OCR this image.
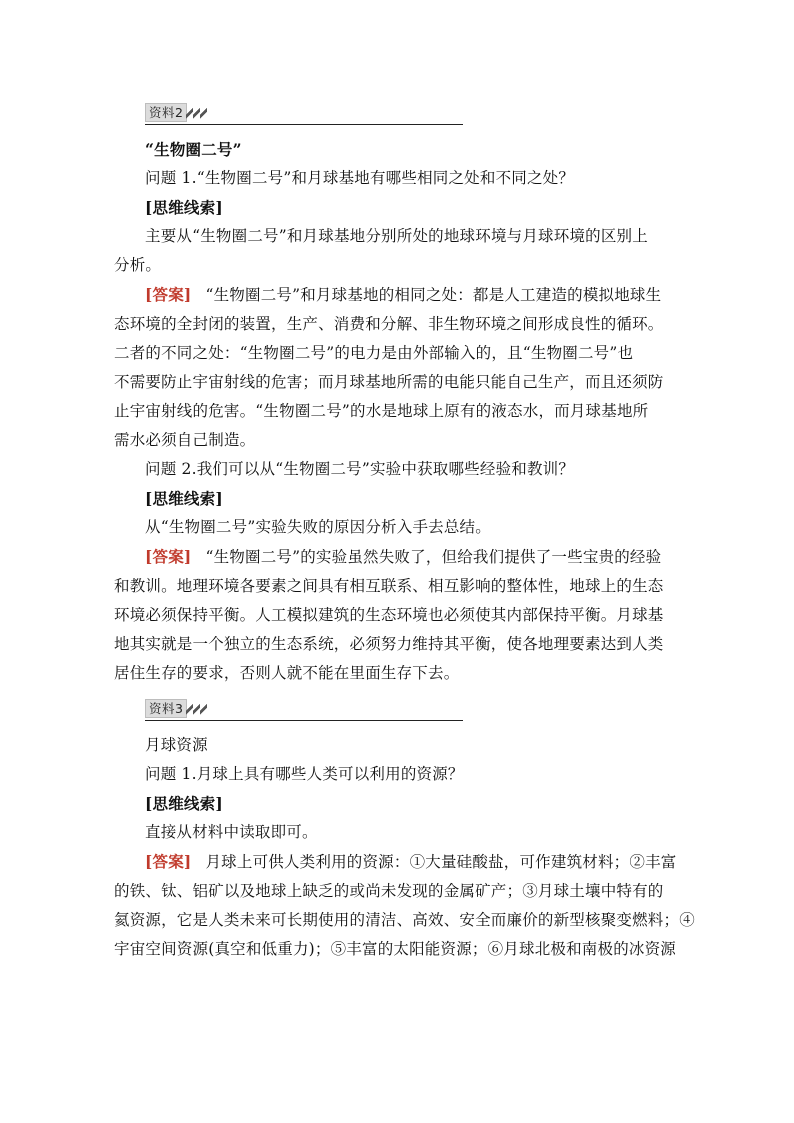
资料2
“生物圈二号”
问题 1.“生物圈二号”和月球基地有哪些相同之处和不同之处？
[思维线索]
主要从“生物圈二号”和月球基地分别所处的地球环境与月球环境的区别上
分析。
[答案] “生物圈二号”和月球基地的相同之处：都是人工建造的模拟地球生
态环境的全封闭的装置，生产、消费和分解、非生物环境之间形成良性的循环。
二者的不同之处：“生物圈二号”的电力是由外部输入的，且“生物圈二号”也
不需要防止宇宙射线的危害；而月球基地所需的电能只能自己生产，而且还须防
止宇宙射线的危害。“生物圈二号”的水是地球上原有的液态水，而月球基地所
需水必须自己制造。
问题 2.我们可以从“生物圈二号”实验中获取哪些经验和教训？
[思维线索]
从“生物圈二号”实验失败的原因分析入手去总结。
[答案] “生物圈二号”的实验虽然失败了，但给我们提供了一些宝贵的经验
和教训。地理环境各要素之间具有相互联系、相互影响的整体性，地球上的生态
环境必须保持平衡。人工模拟建筑的生态环境也必须使其内部保持平衡。月球基
地其实就是一个独立的生态系统，必须努力维持其平衡，使各地理要素达到人类
居住生存的要求，否则人就不能在里面生存下去。
资料3
月球资源
问题 1.月球上具有哪些人类可以利用的资源？
[思维线索]
直接从材料中读取即可。
[答案] 月球上可供人类利用的资源：①大量硅酸盐，可作建筑材料；②丰富
的铁、钛、铝矿以及地球上缺乏的或尚未发现的金属矿产；③月球土壤中特有的
氦资源，它是人类未来可长期使用的清洁、高效、安全而廉价的新型核聚变燃料；④
宇宙空间资源(真空和低重力)；⑤丰富的太阳能资源；⑥月球北极和南极的冰资源
